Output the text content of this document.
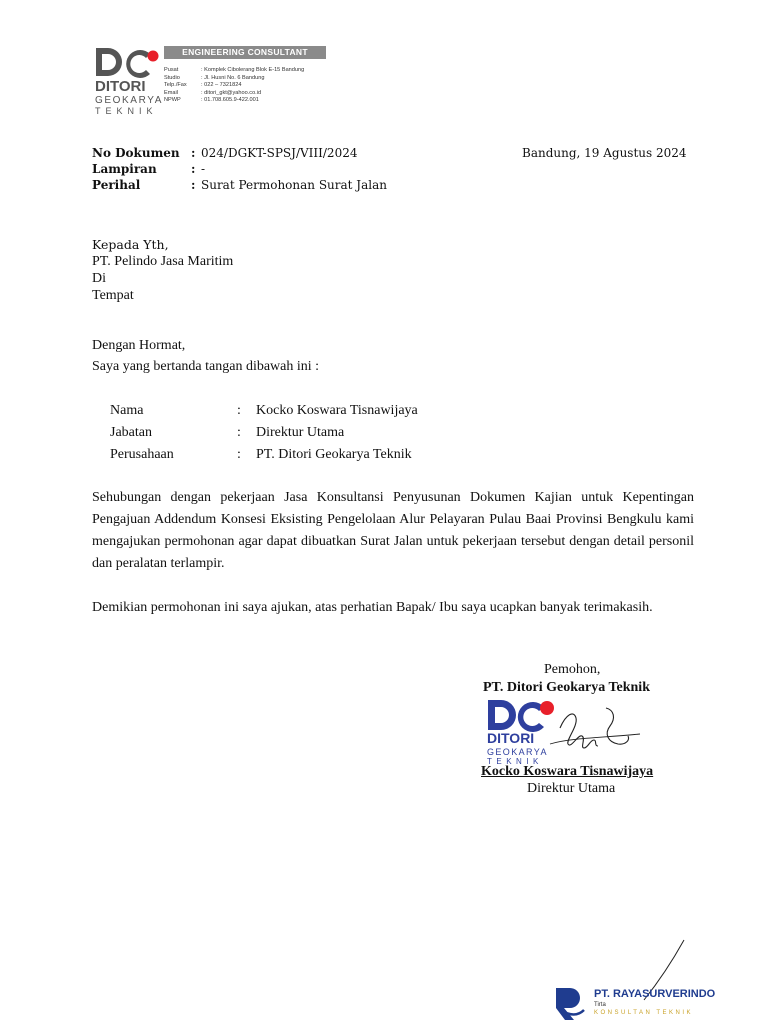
DITORI
GEOKARYA
TEKNIK
ENGINEERING CONSULTANT
Pusat	: Komplek Cibolerang Blok E-15 Bandung
Studio	: Jl. Husni No. 6 Bandung
Telp./Fax	: 022 – 7321824
Email	: ditori_gkt@yahoo.co.id
NPWP	: 01.708.605.9-422.001
No Dokumen : 024/DGKT-SPSJ/VIII/2024	Bandung, 19 Agustus 2024
Lampiran	: -
Perihal	: Surat Permohonan Surat Jalan
Kepada Yth,
PT. Pelindo Jasa Maritim
Di
Tempat
Dengan Hormat,
Saya yang bertanda tangan dibawah ini :
Nama	: Kocko Koswara Tisnawijaya
Jabatan	: Direktur Utama
Perusahaan	: PT. Ditori Geokarya Teknik
Sehubungan dengan pekerjaan Jasa Konsultansi Penyusunan Dokumen Kajian untuk Kepentingan Pengajuan Addendum Konsesi Eksisting Pengelolaan Alur Pelayaran Pulau Baai Provinsi Bengkulu kami mengajukan permohonan agar dapat dibuatkan Surat Jalan untuk pekerjaan tersebut dengan detail personil dan peralatan terlampir.
Demikian permohonan ini saya ajukan, atas perhatian Bapak/ Ibu saya ucapkan banyak terimakasih.
Pemohon,
PT. Ditori Geokarya Teknik
DITORI
GEOKARYA
TEKNIK
Kocko Koswara Tisnawijaya
Direktur Utama
PT. RAYASURVERINDO
Tirta
KONSULTAN TEKNIK
